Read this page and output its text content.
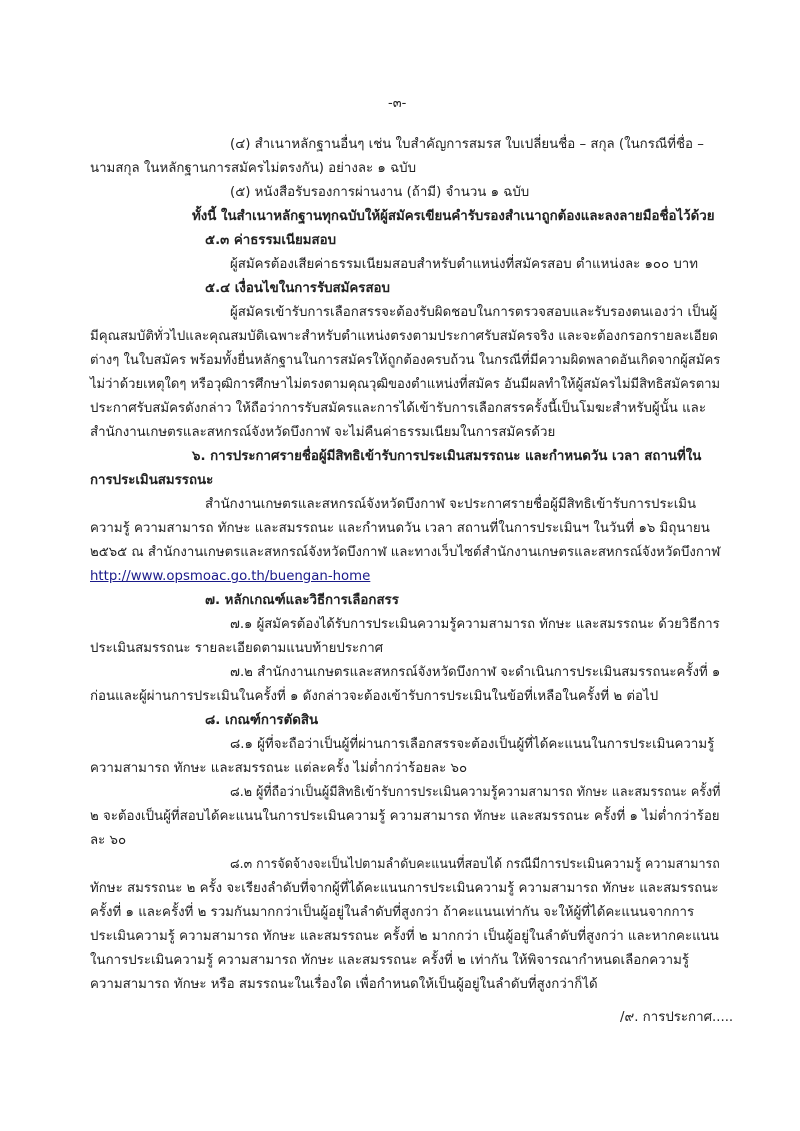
-๓-
(๔) สำเนาหลักฐานอื่นๆ เช่น ใบสำคัญการสมรส ใบเปลี่ยนชื่อ – สกุล (ในกรณีที่ชื่อ –
นามสกุล ในหลักฐานการสมัครไม่ตรงกัน) อย่างละ ๑ ฉบับ
(๕) หนังสือรับรองการผ่านงาน (ถ้ามี) จำนวน ๑ ฉบับ
ทั้งนี้ ในสำเนาหลักฐานทุกฉบับให้ผู้สมัครเขียนคำรับรองสำเนาถูกต้องและลงลายมือชื่อไว้ด้วย
๕.๓ ค่าธรรมเนียมสอบ
ผู้สมัครต้องเสียค่าธรรมเนียมสอบสำหรับตำแหน่งที่สมัครสอบ ตำแหน่งละ ๑๐๐ บาท
๕.๔ เงื่อนไขในการรับสมัครสอบ
ผู้สมัครเข้ารับการเลือกสรรจะต้องรับผิดชอบในการตรวจสอบและรับรองตนเองว่า เป็นผู้
มีคุณสมบัติทั่วไปและคุณสมบัติเฉพาะสำหรับตำแหน่งตรงตามประกาศรับสมัครจริง และจะต้องกรอกรายละเอียด
ต่างๆ ในใบสมัคร พร้อมทั้งยื่นหลักฐานในการสมัครให้ถูกต้องครบถ้วน ในกรณีที่มีความผิดพลาดอันเกิดจากผู้สมัคร
ไม่ว่าด้วยเหตุใดๆ หรือวุฒิการศึกษาไม่ตรงตามคุณวุฒิของตำแหน่งที่สมัคร อันมีผลทำให้ผู้สมัครไม่มีสิทธิสมัครตาม
ประกาศรับสมัครดังกล่าว ให้ถือว่าการรับสมัครและการได้เข้ารับการเลือกสรรครั้งนี้เป็นโมฆะสำหรับผู้นั้น และ
สำนักงานเกษตรและสหกรณ์จังหวัดบึงกาฬ จะไม่คืนค่าธรรมเนียมในการสมัครด้วย
๖. การประกาศรายชื่อผู้มีสิทธิเข้ารับการประเมินสมรรถนะ และกำหนดวัน เวลา สถานที่ใน
การประเมินสมรรถนะ
สำนักงานเกษตรและสหกรณ์จังหวัดบึงกาฬ จะประกาศรายชื่อผู้มีสิทธิเข้ารับการประเมิน
ความรู้ ความสามารถ ทักษะ และสมรรถนะ และกำหนดวัน เวลา สถานที่ในการประเมินฯ ในวันที่ ๑๖ มิถุนายน
๒๕๖๕ ณ สำนักงานเกษตรและสหกรณ์จังหวัดบึงกาฬ และทางเว็บไซต์สำนักงานเกษตรและสหกรณ์จังหวัดบึงกาฬ
http://www.opsmoac.go.th/buengan-home
๗. หลักเกณฑ์และวิธีการเลือกสรร
๗.๑ ผู้สมัครต้องได้รับการประเมินความรู้ความสามารถ ทักษะ และสมรรถนะ ด้วยวิธีการ
ประเมินสมรรถนะ รายละเอียดตามแนบท้ายประกาศ
๗.๒ สำนักงานเกษตรและสหกรณ์จังหวัดบึงกาฬ จะดำเนินการประเมินสมรรถนะครั้งที่ ๑
ก่อนและผู้ผ่านการประเมินในครั้งที่ ๑ ดังกล่าวจะต้องเข้ารับการประเมินในข้อที่เหลือในครั้งที่ ๒ ต่อไป
๘. เกณฑ์การตัดสิน
๘.๑ ผู้ที่จะถือว่าเป็นผู้ที่ผ่านการเลือกสรรจะต้องเป็นผู้ที่ได้คะแนนในการประเมินความรู้
ความสามารถ ทักษะ และสมรรถนะ แต่ละครั้ง ไม่ต่ำกว่าร้อยละ ๖๐
๘.๒ ผู้ที่ถือว่าเป็นผู้มีสิทธิเข้ารับการประเมินความรู้ความสามารถ ทักษะ และสมรรถนะ ครั้งที่
๒ จะต้องเป็นผู้ที่สอบได้คะแนนในการประเมินความรู้ ความสามารถ ทักษะ และสมรรถนะ ครั้งที่ ๑ ไม่ต่ำกว่าร้อย
ละ ๖๐
๘.๓ การจัดจ้างจะเป็นไปตามลำดับคะแนนที่สอบได้ กรณีมีการประเมินความรู้ ความสามารถ
ทักษะ สมรรถนะ ๒ ครั้ง จะเรียงลำดับที่จากผู้ที่ได้คะแนนการประเมินความรู้ ความสามารถ ทักษะ และสมรรถนะ
ครั้งที่ ๑ และครั้งที่ ๒ รวมกันมากกว่าเป็นผู้อยู่ในลำดับที่สูงกว่า ถ้าคะแนนเท่ากัน จะให้ผู้ที่ได้คะแนนจากการ
ประเมินความรู้ ความสามารถ ทักษะ และสมรรถนะ ครั้งที่ ๒ มากกว่า เป็นผู้อยู่ในลำดับที่สูงกว่า และหากคะแนน
ในการประเมินความรู้ ความสามารถ ทักษะ และสมรรถนะ ครั้งที่ ๒ เท่ากัน ให้พิจารณากำหนดเลือกความรู้
ความสามารถ ทักษะ หรือ สมรรถนะในเรื่องใด เพื่อกำหนดให้เป็นผู้อยู่ในลำดับที่สูงกว่าก็ได้
/๙. การประกาศ.....
